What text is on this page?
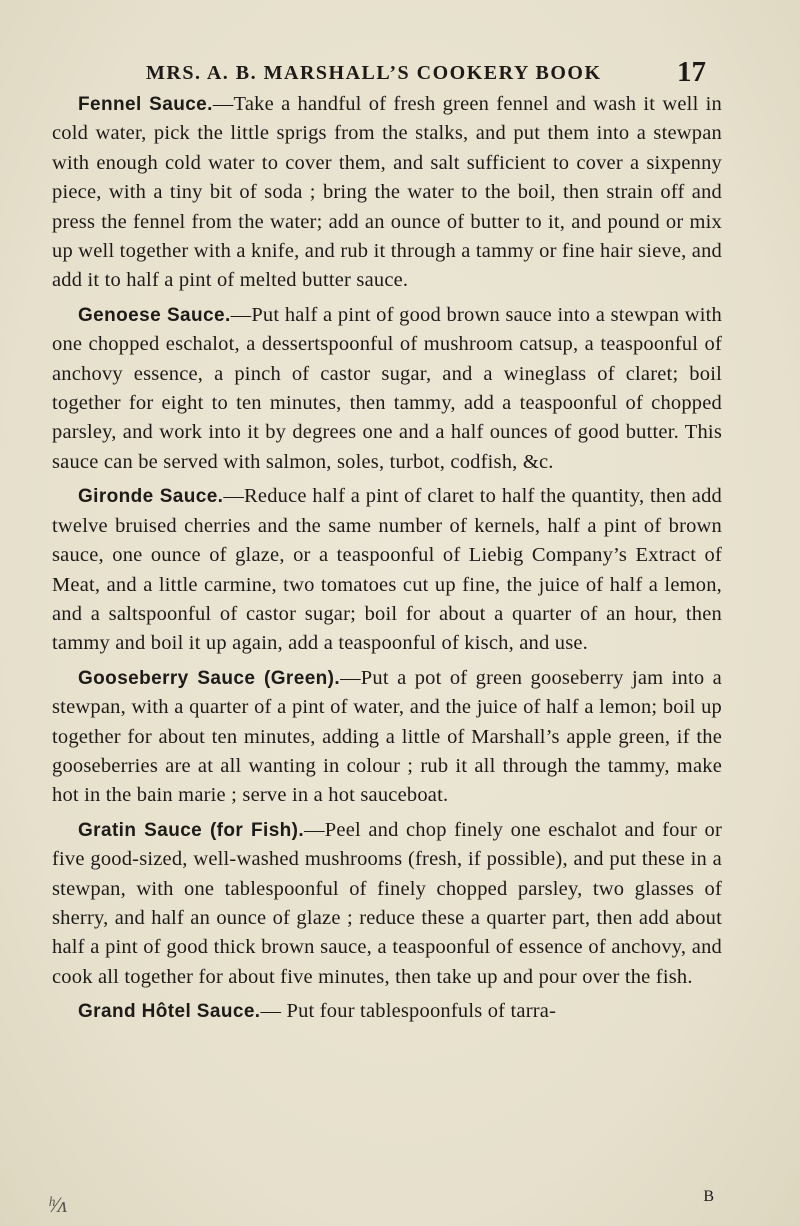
MRS. A. B. MARSHALL’S COOKERY BOOK	17

Fennel Sauce.—Take a handful of fresh green fennel and wash it well in cold water, pick the little sprigs from the stalks, and put them into a stewpan with enough cold water to cover them, and salt sufficient to cover a sixpenny piece, with a tiny bit of soda ; bring the water to the boil, then strain off and press the fennel from the water; add an ounce of butter to it, and pound or mix up well together with a knife, and rub it through a tammy or fine hair sieve, and add it to half a pint of melted butter sauce.

Genoese Sauce.—Put half a pint of good brown sauce into a stewpan with one chopped eschalot, a dessertspoonful of mushroom catsup, a teaspoonful of anchovy essence, a pinch of castor sugar, and a wineglass of claret; boil together for eight to ten minutes, then tammy, add a teaspoonful of chopped parsley, and work into it by degrees one and a half ounces of good butter. This sauce can be served with salmon, soles, turbot, codfish, &c.

Gironde Sauce.—Reduce half a pint of claret to half the quantity, then add twelve bruised cherries and the same number of kernels, half a pint of brown sauce, one ounce of glaze, or a teaspoonful of Liebig Company’s Extract of Meat, and a little carmine, two tomatoes cut up fine, the juice of half a lemon, and a saltspoonful of castor sugar; boil for about a quarter of an hour, then tammy and boil it up again, add a teaspoonful of kisch, and use.

Gooseberry Sauce (Green).—Put a pot of green gooseberry jam into a stewpan, with a quarter of a pint of water, and the juice of half a lemon; boil up together for about ten minutes, adding a little of Marshall’s apple green, if the gooseberries are at all wanting in colour ; rub it all through the tammy, make hot in the bain marie ; serve in a hot sauceboat.

Gratin Sauce (for Fish).—Peel and chop finely one eschalot and four or five good-sized, well-washed mushrooms (fresh, if possible), and put these in a stewpan, with one tablespoonful of finely chopped parsley, two glasses of sherry, and half an ounce of glaze ; reduce these a quarter part, then add about half a pint of good thick brown sauce, a teaspoonful of essence of anchovy, and cook all together for about five minutes, then take up and pour over the fish.

Grand Hôtel Sauce.— Put four tablespoonfuls of tarra-

B
ʰ⁄ᴧ
